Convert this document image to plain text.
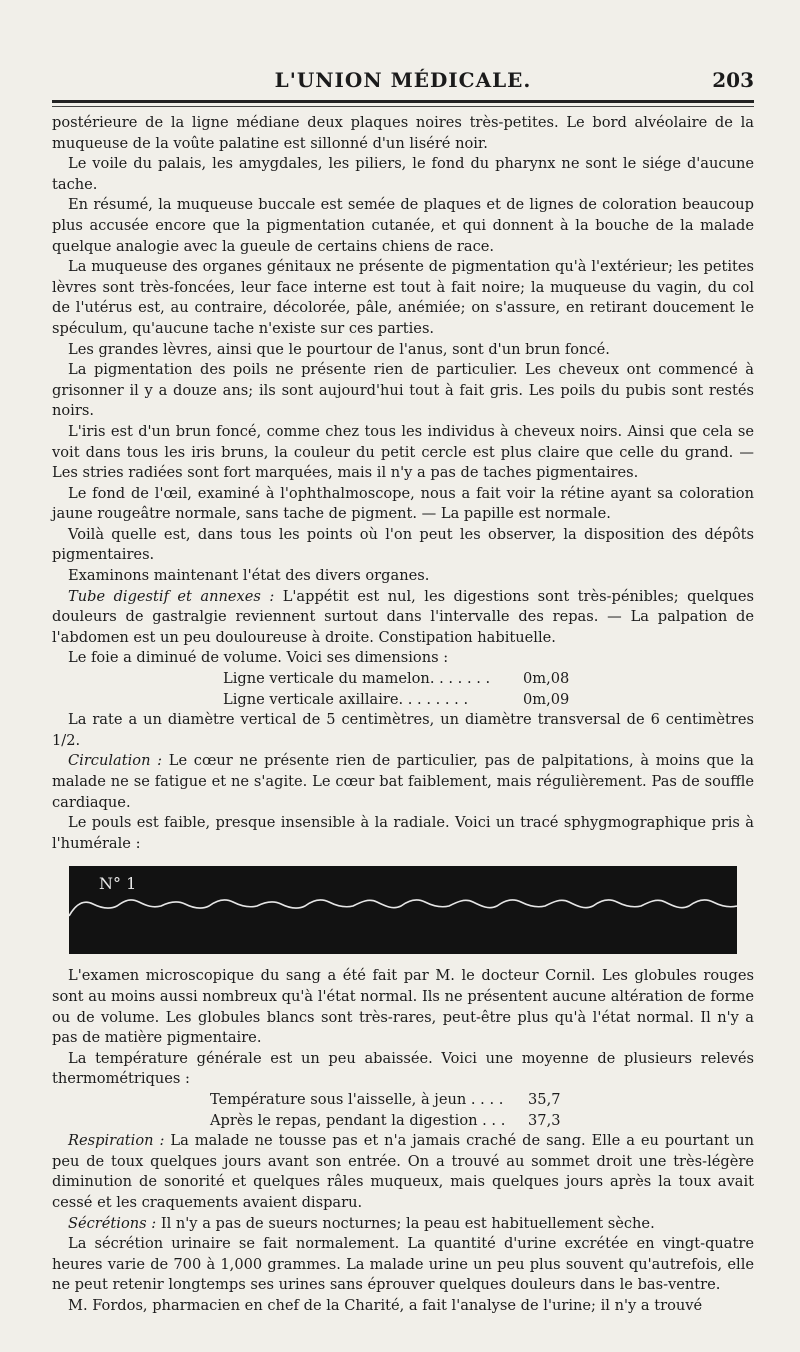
L'UNION MÉDICALE.	203

postérieure de la ligne médiane deux plaques noires très-petites. Le bord alvéolaire de la muqueuse de la voûte palatine est sillonné d'un liséré noir.

Le voile du palais, les amygdales, les piliers, le fond du pharynx ne sont le siége d'aucune tache.

En résumé, la muqueuse buccale est semée de plaques et de lignes de coloration beaucoup plus accusée encore que la pigmentation cutanée, et qui donnent à la bouche de la malade quelque analogie avec la gueule de certains chiens de race.

La muqueuse des organes génitaux ne présente de pigmentation qu'à l'extérieur; les petites lèvres sont très-foncées, leur face interne est tout à fait noire; la muqueuse du vagin, du col de l'utérus est, au contraire, décolorée, pâle, anémiée; on s'assure, en retirant doucement le spéculum, qu'aucune tache n'existe sur ces parties.

Les grandes lèvres, ainsi que le pourtour de l'anus, sont d'un brun foncé.

La pigmentation des poils ne présente rien de particulier. Les cheveux ont commencé à grisonner il y a douze ans; ils sont aujourd'hui tout à fait gris. Les poils du pubis sont restés noirs.

L'iris est d'un brun foncé, comme chez tous les individus à cheveux noirs. Ainsi que cela se voit dans tous les iris bruns, la couleur du petit cercle est plus claire que celle du grand. — Les stries radiées sont fort marquées, mais il n'y a pas de taches pigmentaires.

Le fond de l'œil, examiné à l'ophthalmoscope, nous a fait voir la rétine ayant sa coloration jaune rougeâtre normale, sans tache de pigment. — La papille est normale.

Voilà quelle est, dans tous les points où l'on peut les observer, la disposition des dépôts pigmentaires.

Examinons maintenant l'état des divers organes.

Tube digestif et annexes : L'appétit est nul, les digestions sont très-pénibles; quelques douleurs de gastralgie reviennent surtout dans l'intervalle des repas. — La palpation de l'abdomen est un peu douloureuse à droite. Constipation habituelle.

Le foie a diminué de volume. Voici ses dimensions :

Ligne verticale du mamelon. . . . . . .	0m,08
Ligne verticale axillaire. . . . . . . .	0m,09

La rate a un diamètre vertical de 5 centimètres, un diamètre transversal de 6 centimètres 1/2.

Circulation : Le cœur ne présente rien de particulier, pas de palpitations, à moins que la malade ne se fatigue et ne s'agite. Le cœur bat faiblement, mais régulièrement. Pas de souffle cardiaque.

Le pouls est faible, presque insensible à la radiale. Voici un tracé sphygmographique pris à l'humérale :

N° 1

L'examen microscopique du sang a été fait par M. le docteur Cornil. Les globules rouges sont au moins aussi nombreux qu'à l'état normal. Ils ne présentent aucune altération de forme ou de volume. Les globules blancs sont très-rares, peut-être plus qu'à l'état normal. Il n'y a pas de matière pigmentaire.

La température générale est un peu abaissée. Voici une moyenne de plusieurs relevés thermométriques :

Température sous l'aisselle, à jeun . . . .	35,7
Après le repas, pendant la digestion . . .	37,3

Respiration : La malade ne tousse pas et n'a jamais craché de sang. Elle a eu pourtant un peu de toux quelques jours avant son entrée. On a trouvé au sommet droit une très-légère diminution de sonorité et quelques râles muqueux, mais quelques jours après la toux avait cessé et les craquements avaient disparu.

Sécrétions : Il n'y a pas de sueurs nocturnes; la peau est habituellement sèche.

La sécrétion urinaire se fait normalement. La quantité d'urine excrétée en vingt-quatre heures varie de 700 à 1,000 grammes. La malade urine un peu plus souvent qu'autrefois, elle ne peut retenir longtemps ses urines sans éprouver quelques douleurs dans le bas-ventre.

M. Fordos, pharmacien en chef de la Charité, a fait l'analyse de l'urine; il n'y a trouvé
